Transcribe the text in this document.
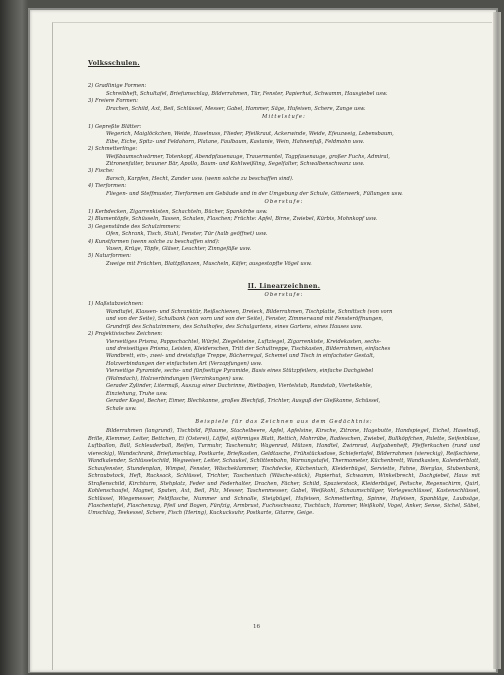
Volksschulen.
2) Gradlinige Formen:
Schreibheft, Schultafel, Briefumschlag, Bilderrahmen, Tür, Fenster, Papierhut, Schwamm, Hausgiebel usw.
3) Freiere Formen:
Drachen, Schild, Axt, Beil, Schlüssel, Messer, Gabel, Hammer, Säge, Hufeisen, Schere, Zange usw.
Mittelstufe:
1) Gepreßte Blätter:
Wegerich, Maiglöckchen, Weide, Haselnuss, Flieder, Pfeilkraut, Ackerwinde, Weide, Efeuzweig, Lebensbaum,
Eibe, Eiche, Spitz- und Feldahorn, Platane, Faulbaum, Kastanie, Wein, Hahnenfuß, Feldmohn usw.
2) Schmetterlinge:
Weißbaumschwärmer, Totenkopf, Abendpfauenauge, Trauermantel, Tagpfauenauge, großer Fuchs, Admiral,
Zitronenfalter, brauner Bär, Apollo, Baum- und Kohlweißling, Segelfalter, Schwalbenschwanz usw.
3) Fische:
Barsch, Karpfen, Hecht, Zander usw. (wenn solche zu beschaffen sind).
4) Tierformen:
Fliegen- und Steffmuster, Tierformen am Gebäude und in der Umgebung der Schule, Gitterwerk, Füllungen usw.
Oberstufe:
1) Kerbdecken, Zigarrenkisten, Schachteln, Bücher, Spankörbe usw.
2) Blumentöpfe, Schüsseln, Tassen, Schalen, Flaschen; Früchte: Apfel, Birne, Zwiebel, Kürbis, Mohnkopf usw.
3) Gegenstände des Schulzimmers:
Ofen, Schrank, Tisch, Stuhl, Fenster, Tür (halb geöffnet) usw.
4) Kunstformen (wenn solche zu beschaffen sind):
Vasen, Krüge, Töpfe, Gläser, Leuchter, Zinngefäße usw.
5) Naturformen:
Zweige mit Früchten, Blattpflanzen, Muscheln, Käfer, ausgestopfte Vögel usw.
II. Linearzeichnen.
Oberstufe:
1) Maßstabzeichnen:
Wandtafel, Klassen- und Schranktür, Reißschienen, Dreieck, Bilderrahmen, Tischplatte, Schnittsch (von vorn
und von der Seite), Schulbank (von vorn und von der Seite), Fenster, Zimmerwand mit Fensteröffnungen,
Grundriß des Schulzimmers, des Schulhofes, des Schulgartens, eines Gartens, eines Hauses usw.
2) Projektivisches Zeichnen:
Vierseitiges Prisma, Pappschachtel, Würfel, Ziegelsteine, Luftziegel, Zigarrenkiste, Kreidekasten, sechs-
und dreiseitiges Prisma, Leisten, Kleiderschen, Tritt der Schultreppe, Tischkasten, Bilderrahmen, einfaches
Wandbrett, ein-, zwei- und dreistufige Treppe, Bücherregal, Schemel und Tisch in einfachster Gestalt,
Holzverbindungen der einfachsten Art (Verzapfungen) usw.
Vierseitige Pyramide, sechs- und fünfseitige Pyramide, Basis eines Stützpfeilers, einfache Dachgiebel
(Walmdach), Holzverbindungen (Verzinkungen) usw.
Gerader Zylinder, Litermaß, Auszug einer Dachrinne, Rietboijen, Viertelstab, Rundstab, Viertelkehle,
Einziehung, Truhe usw.
Gerader Kegel, Becher, Eimer, Blechkanne, großes Blechfaß, Trichter, Ausguß der Gießkanne, Schüssel,
Schale usw.
Beispiele für das Zeichnen aus dem Gedächtnis:
Bilderrahmen (langrund), Tischbild, Pflaume, Stachelbeere, Apfel, Apfelsine, Kirsche, Zitrone, Hagebutte, Handspiegel, Eichel, Haselnuß, Brille, Klemmer, Leiter, Bettchen, Ei (Osterei), Löffel, eiförmiges Blatt, Rettich, Mohrrübe, Radieschen, Zwiebel, Bullköpfchen, Palette, Seifenblase, Luftballon, Ball, Schleuderball, Reifen, Turmuhr, Taschenuhr, Wagenrad, Mützen, Handtel, Zwirnrad, Aufgabenheft, Pfefferkuchen (rund und viereckig), Wandschrank, Briefumschlag, Postkarte, Briefkasten, Geldtasche, Frühstücksdose, Schiefertafel, Bilderrahmen (viereckig), Reißschiene, Wandkalender, Schlüsselschild, Wegweiser, Leiter, Schaukel, Schlittenbahn, Warnungstafel, Thermometer, Küchenbrett, Wandkasten, Kalenderblatt, Schaufenster, Stundenplan, Wimpel, Fenster, Wäscheklammer, Tischdecke, Küchentuch, Kleiderbügel, Serviette, Fahne, Bierglas, Stubenbank, Schraubstock, Heft, Rucksack, Schlüssel, Trichter, Taschentuch (Wäsche-stück), Papierhut, Schwamm, Winkelbrecht, Dachgiebel, Haus mit Straßenschild, Kirchturm, Stehplatz, Feder und Federhalter, Drachen, Fächer, Schild, Spazierstock, Kleiderbügel, Peitsche, Regenschirm, Quirl, Kohlenschaufel, Magnet, Spaten, Axt, Beil, Pilz, Messer, Taschenmesser, Gabel, Weißkohl, Schaumschläger, Vorlegeschlüssel, Kastenschlüssel, Schlüssel, Wiegemesser, Feldflasche, Nummer und Schnalle, Steigbügel, Hufeisen, Schmetterling, Spinne, Hufeisen, Spanbläge, Laubsäge, Flaschentafel, Flaschenzug, Pfeil und Bogen, Fünfzig, Armbrust, Fuchsschwanz, Tischtuch, Hammer, Weißkohl, Vogel, Anker, Sense, Sichel, Säbel, Umschlag, Teekessel, Schere, Fisch (Hering), Kuckucksuhr, Postkarte, Gitarre, Geige.
16
